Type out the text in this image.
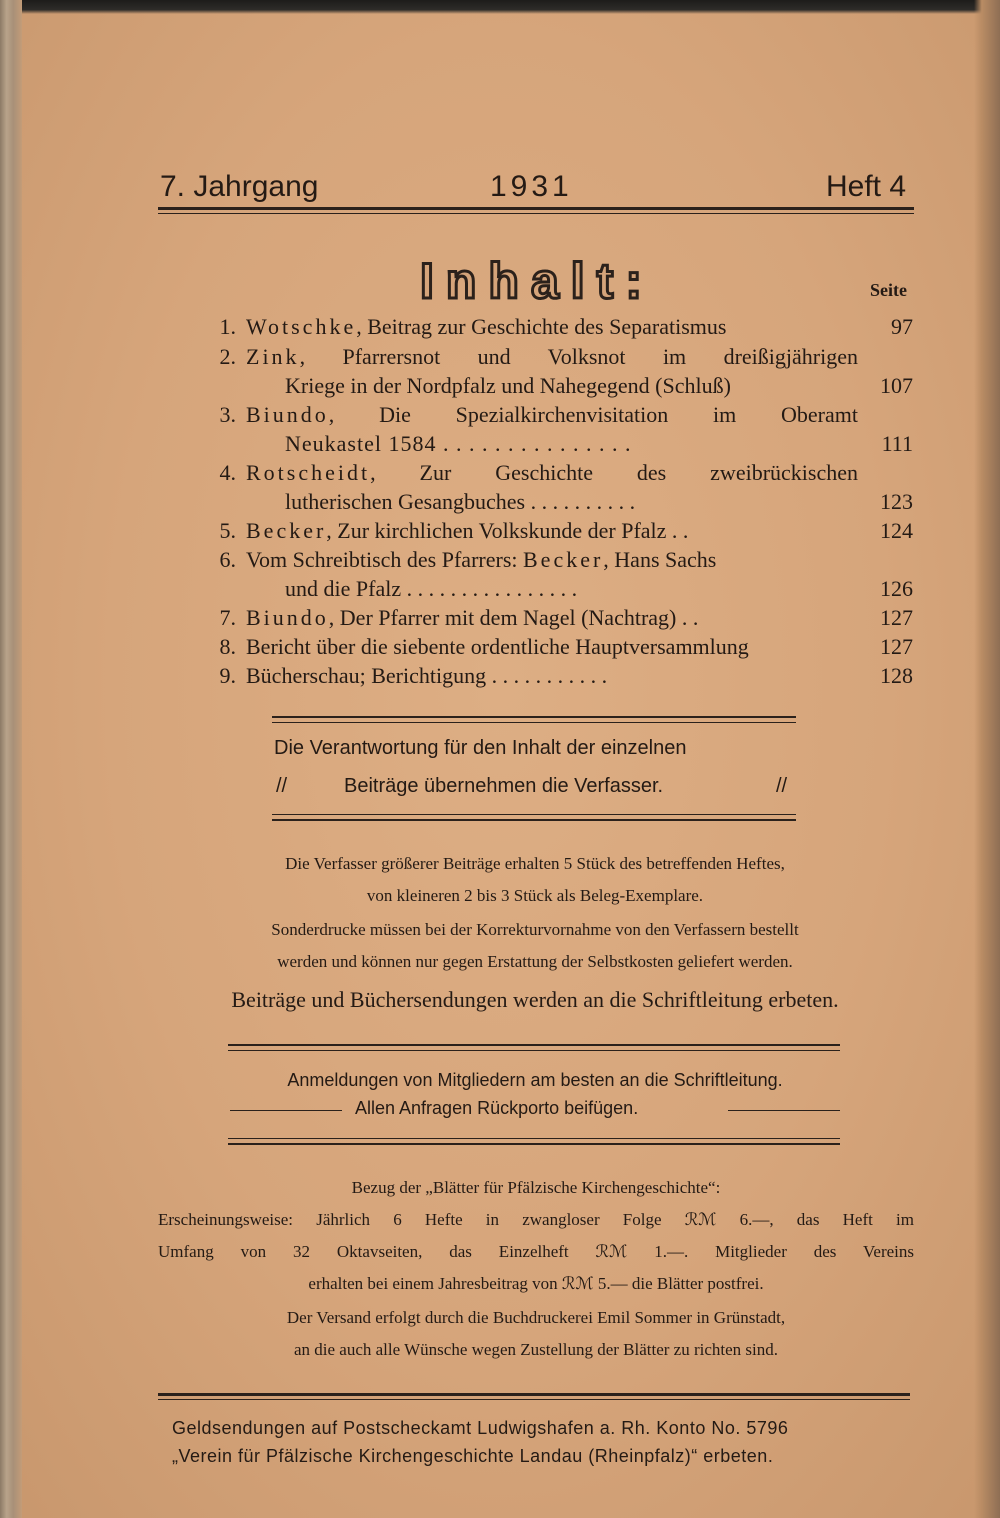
7. Jahrgang	1931	Heft 4
Inhalt:	Seite
1. Wotschke, Beitrag zur Geschichte des Separatismus	97
2. Zink, Pfarrersnot und Volksnot im dreißigjährigen
Kriege in der Nordpfalz und Nahegegend (Schluß)	107
3. Biundo, Die Spezialkirchenvisitation im Oberamt
Neukastel 1584 . . . . . . . . . . . . . . .	111
4. Rotscheidt, Zur Geschichte des zweibrückischen
lutherischen Gesangbuches . . . . . . . . . .	123
5. Becker, Zur kirchlichen Volkskunde der Pfalz . .	124
6. Vom Schreibtisch des Pfarrers: Becker, Hans Sachs
und die Pfalz . . . . . . . . . . . . . . . .	126
7. Biundo, Der Pfarrer mit dem Nagel (Nachtrag) . .	127
8. Bericht über die siebente ordentliche Hauptversammlung	127
9. Bücherschau; Berichtigung . . . . . . . . . . .	128
Die Verantwortung für den Inhalt der einzelnen
//	Beiträge übernehmen die Verfasser.	//
Die Verfasser größerer Beiträge erhalten 5 Stück des betreffenden Heftes,
von kleineren 2 bis 3 Stück als Beleg-Exemplare.
Sonderdrucke müssen bei der Korrekturvornahme von den Verfassern bestellt
werden und können nur gegen Erstattung der Selbstkosten geliefert werden.
Beiträge und Büchersendungen werden an die Schriftleitung erbeten.
Anmeldungen von Mitgliedern am besten an die Schriftleitung.
Allen Anfragen Rückporto beifügen.
Bezug der „Blätter für Pfälzische Kirchengeschichte“:
Erscheinungsweise: Jährlich 6 Hefte in zwangloser Folge ℛℳ 6.—, das Heft im
Umfang von 32 Oktavseiten, das Einzelheft ℛℳ 1.—. Mitglieder des Vereins
erhalten bei einem Jahresbeitrag von ℛℳ 5.— die Blätter postfrei.
Der Versand erfolgt durch die Buchdruckerei Emil Sommer in Grünstadt,
an die auch alle Wünsche wegen Zustellung der Blätter zu richten sind.
Geldsendungen auf Postscheckamt Ludwigshafen a. Rh. Konto No. 5796
„Verein für Pfälzische Kirchengeschichte Landau (Rheinpfalz)“ erbeten.
